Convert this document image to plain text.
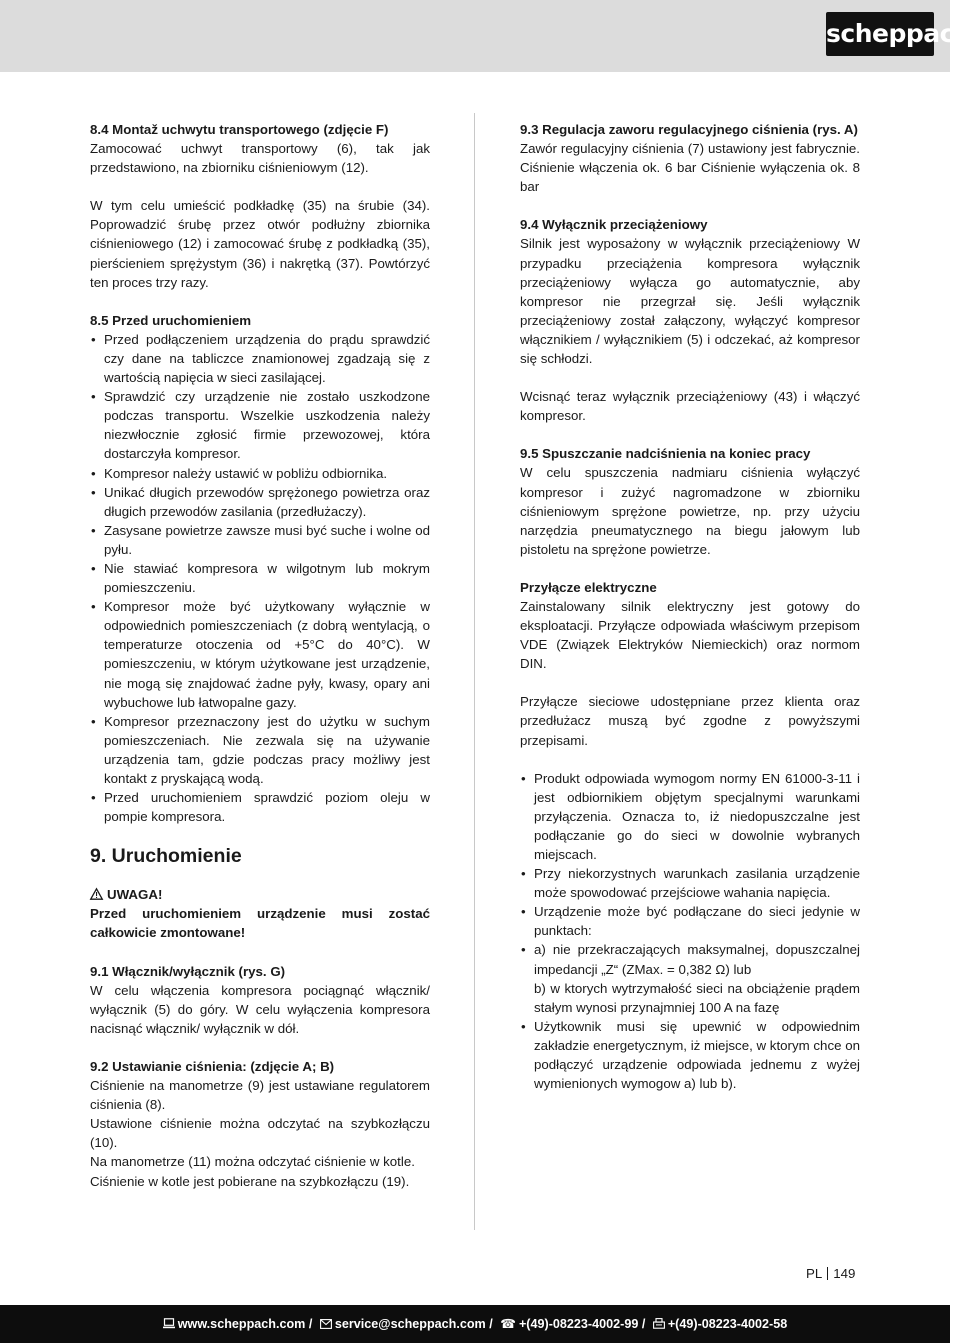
scheppach
8.4 Montaž uchwytu transportowego (zdjęcie F)

Zamocować uchwyt transportowy (6), tak jak przedstawiono, na zbiorniku ciśnieniowym (12).

W tym celu umieścić podkładkę (35) na śrubie (34). Poprowadzić śrubę przez otwór podłużny zbiornika ciśnieniowego (12) i zamocować śrubę z podkładką (35), pierścieniem sprężystym (36) i nakrętką (37). Powtórzyć ten proces trzy razy.

8.5 Przed uruchomieniem
• Przed podłączeniem urządzenia do prądu sprawdzić czy dane na tabliczce znamionowej zgadzają się z wartością napięcia w sieci zasilającej.
• Sprawdzić czy urządzenie nie zostało uszkodzone podczas transportu. Wszelkie uszkodzenia należy niezwłocznie zgłosić firmie przewozowej, która dostarczyła kompresor.
• Kompresor należy ustawić w pobliżu odbiornika.
• Unikać długich przewodów sprężonego powietrza oraz długich przewodów zasilania (przedłużaczy).
• Zasysane powietrze zawsze musi być suche i wolne od pyłu.
• Nie stawiać kompresora w wilgotnym lub mokrym pomieszczeniu.
• Kompresor może być użytkowany wyłącznie w odpowiednich pomieszczeniach (z dobrą wentylacją, o temperaturze otoczenia od +5°C do 40°C). W pomieszczeniu, w którym użytkowane jest urządzenie, nie mogą się znajdować żadne pyły, kwasy, opary ani wybuchowe lub łatwopalne gazy.
• Kompresor przeznaczony jest do użytku w suchym pomieszczeniach. Nie zezwala się na używanie urządzenia tam, gdzie podczas pracy możliwy jest kontakt z pryskającą wodą.
• Przed uruchomieniem sprawdzić poziom oleju w pompie kompresora.
9. Uruchomienie
UWAGA!

Przed uruchomieniem urządzenie musi zostać całkowicie zmontowane!

9.1 Włącznik/wyłącznik (rys. G)

W celu włączenia kompresora pociągnąć włącznik/ wyłącznik (5) do góry. W celu wyłączenia kompresora nacisnąć włącznik/ wyłącznik w dół.

9.2 Ustawianie ciśnienia: (zdjęcie A; B)

Ciśnienie na manometrze (9) jest ustawiane regulatorem ciśnienia (8).

Ustawione ciśnienie można odczytać na szybkozłączu (10).

Na manometrze (11) można odczytać ciśnienie w kotle.

Ciśnienie w kotle jest pobierane na szybkozłączu (19).

9.3 Regulacja zaworu regulacyjnego ciśnienia (rys. A)

Zawór regulacyjny ciśnienia (7) ustawiony jest fabrycznie. Ciśnienie włączenia ok. 6 bar Ciśnienie wyłączenia ok. 8 bar

9.4 Wyłącznik przeciążeniowy

Silnik jest wyposażony w wyłącznik przeciążeniowy W przypadku przeciążenia kompresora wyłącznik przeciążeniowy wyłącza go automatycznie, aby kompresor nie przegrzał się. Jeśli wyłącznik przeciążeniowy został załączony, wyłączyć kompresor włącznikiem / wyłącznikiem (5) i odczekać, aż kompresor się schłodzi.

Wcisnąć teraz wyłącznik przeciążeniowy (43) i włączyć kompresor.

9.5 Spuszczanie nadciśnienia na koniec pracy

W celu spuszczenia nadmiaru ciśnienia wyłączyć kompresor i zużyć nagromadzone w zbiorniku ciśnieniowym sprężone powietrze, np. przy użyciu narzędzia pneumatycznego na biegu jałowym lub pistoletu na sprężone powietrze.

Przyłącze elektryczne

Zainstalowany silnik elektryczny jest gotowy do eksploatacji. Przyłącze odpowiada właściwym przepisom VDE (Związek Elektryków Niemieckich) oraz normom DIN.

Przyłącze sieciowe udostępniane przez klienta oraz przedłużacz muszą być zgodne z powyższymi przepisami.

• Produkt odpowiada wymogom normy EN 61000-3-11 i jest odbiornikiem objętym specjalnymi warunkami przyłączenia. Oznacza to, iż niedopuszczalne jest podłączanie go do sieci w dowolnie wybranych miejscach.
• Przy niekorzystnych warunkach zasilania urządzenie może spowodować przejściowe wahania napięcia.
• Urządzenie może być podłączane do sieci jedynie w punktach:
• a) nie przekraczających maksymalnej, dopuszczalnej impedancji „Z“ (ZMax. = 0,382 Ω) lub
b) w ktorych wytrzymałość sieci na obciążenie prądem stałym wynosi przynajmniej 100 A na fazę
• Użytkownik musi się upewnić w odpowiednim zakładzie energetycznym, iż miejsce, w ktorym chce on podłączyć urządzenie odpowiada jednemu z wyżej wymienionych wymogow a) lub b).
PL 149
www.scheppach.com / service@scheppach.com / ☎ +(49)-08223-4002-99 / +(49)-08223-4002-58
